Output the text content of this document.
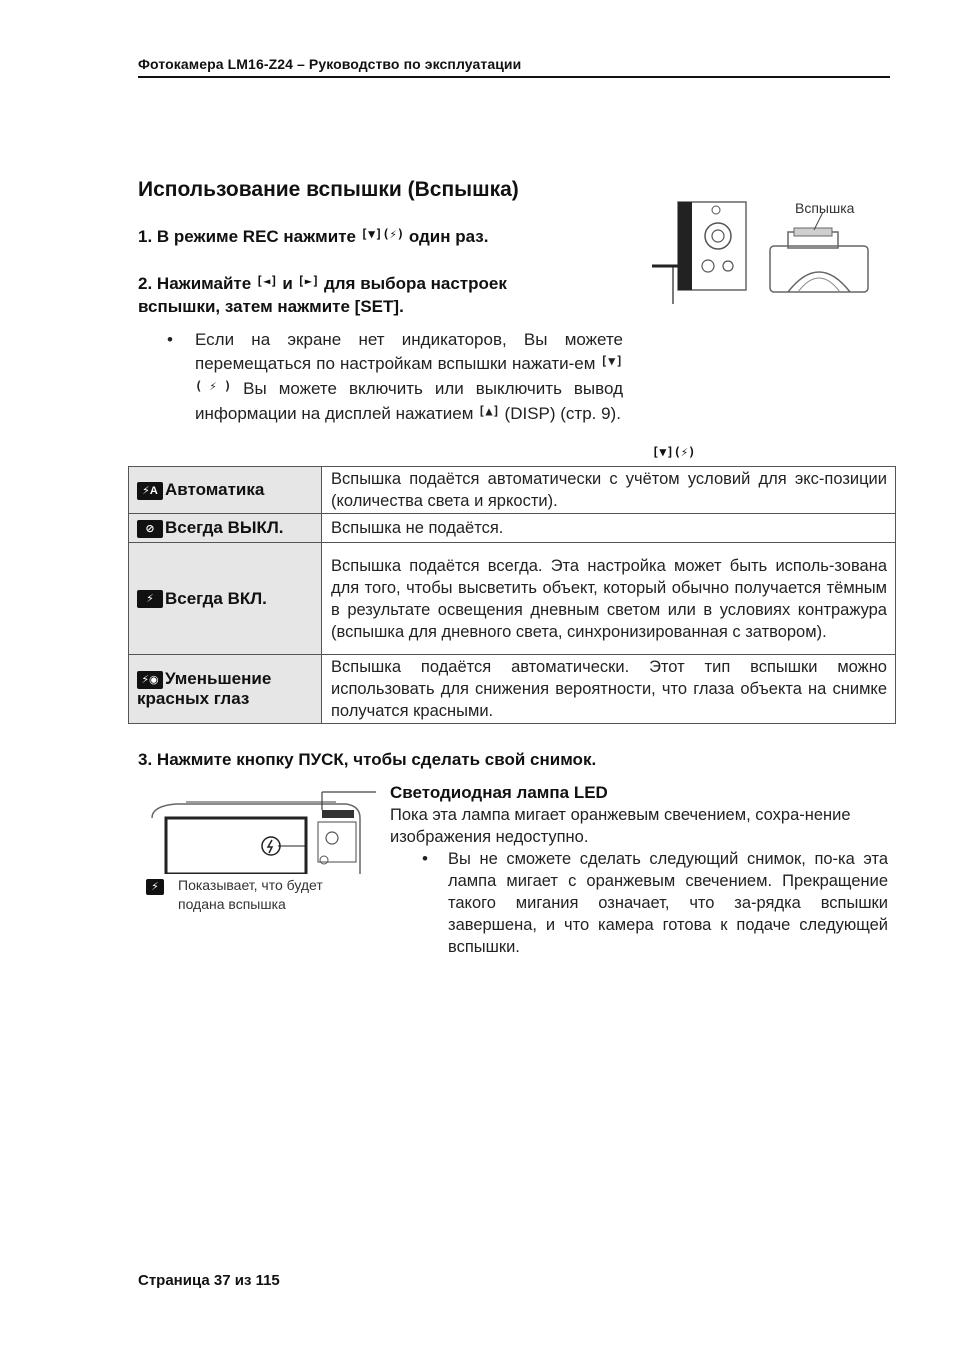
Фотокамера LM16-Z24 – Руководство по эксплуатации
Использование вспышки (Вспышка)
1. В режиме REC нажмите [▼](⚡) один раз.
2. Нажимайте [◄] и [►] для выбора настроек
вспышки, затем нажмите [SET].
• Если на экране нет индикаторов, Вы можете перемещаться по настройкам вспышки нажати-ем [▼](⚡) Вы можете включить или выключить вывод информации на дисплей нажатием [▲] (DISP) (стр. 9).
Вспышка
[▼](⚡)
⚡A Автоматика	Вспышка подаётся автоматически с учётом условий для экс-позиции (количества света и яркости).
⊘ Всегда ВЫКЛ.	Вспышка не подаётся.
⚡ Всегда ВКЛ.	Вспышка подаётся всегда. Эта настройка может быть исполь-зована для того, чтобы высветить объект, который обычно получается тёмным в результате освещения дневным светом или в условиях контражура (вспышка для дневного света, синхронизированная с затвором).
⚡◉ Уменьшение красных глаз	Вспышка подаётся автоматически. Этот тип вспышки можно использовать для снижения вероятности, что глаза объекта на снимке получатся красными.
3. Нажмите кнопку ПУСК, чтобы сделать свой снимок.
⚡	Показывает, что будет
подана вспышка
Светодиодная лампа LED
Пока эта лампа мигает оранжевым свечением, сохра-нение изображения недоступно.
• Вы не сможете сделать следующий снимок, по-ка эта лампа мигает с оранжевым свечением. Прекращение такого мигания означает, что за-рядка вспышки завершена, и что камера готова к подаче следующей вспышки.
Страница 37 из 115
